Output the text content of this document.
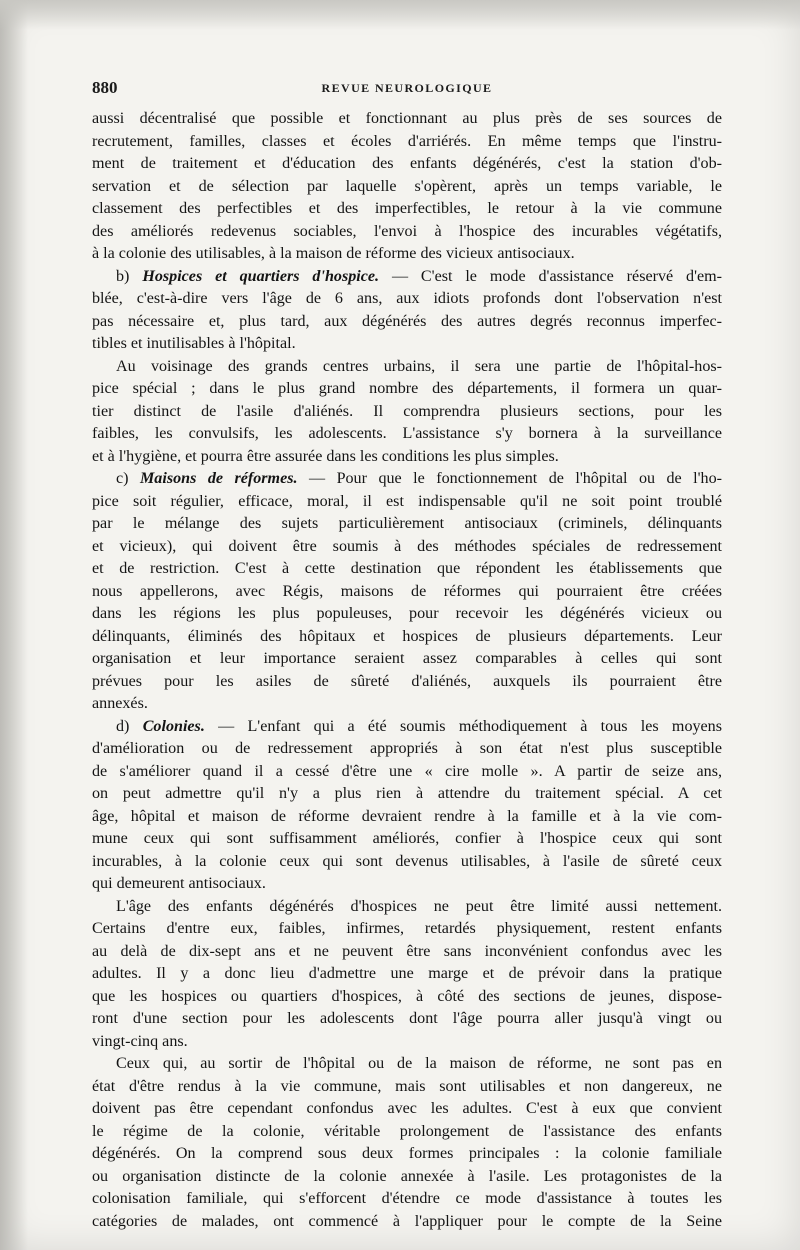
880	REVUE NEUROLOGIQUE
aussi décentralisé que possible et fonctionnant au plus près de ses sources de
recrutement, familles, classes et écoles d'arriérés. En même temps que l'instru-
ment de traitement et d'éducation des enfants dégénérés, c'est la station d'ob-
servation et de sélection par laquelle s'opèrent, après un temps variable, le
classement des perfectibles et des imperfectibles, le retour à la vie commune
des améliorés redevenus sociables, l'envoi à l'hospice des incurables végétatifs,
à la colonie des utilisables, à la maison de réforme des vicieux antisociaux.
b) Hospices et quartiers d'hospice. — C'est le mode d'assistance réservé d'em-
blée, c'est-à-dire vers l'âge de 6 ans, aux idiots profonds dont l'observation n'est
pas nécessaire et, plus tard, aux dégénérés des autres degrés reconnus imperfec-
tibles et inutilisables à l'hôpital.
Au voisinage des grands centres urbains, il sera une partie de l'hôpital-hos-
pice spécial ; dans le plus grand nombre des départements, il formera un quar-
tier distinct de l'asile d'aliénés. Il comprendra plusieurs sections, pour les
faibles, les convulsifs, les adolescents. L'assistance s'y bornera à la surveillance
et à l'hygiène, et pourra être assurée dans les conditions les plus simples.
c) Maisons de réformes. — Pour que le fonctionnement de l'hôpital ou de l'ho-
pice soit régulier, efficace, moral, il est indispensable qu'il ne soit point troublé
par le mélange des sujets particulièrement antisociaux (criminels, délinquants
et vicieux), qui doivent être soumis à des méthodes spéciales de redressement
et de restriction. C'est à cette destination que répondent les établissements que
nous appellerons, avec Régis, maisons de réformes qui pourraient être créées
dans les régions les plus populeuses, pour recevoir les dégénérés vicieux ou
délinquants, éliminés des hôpitaux et hospices de plusieurs départements. Leur
organisation et leur importance seraient assez comparables à celles qui sont
prévues pour les asiles de sûreté d'aliénés, auxquels ils pourraient être
annexés.
d) Colonies. — L'enfant qui a été soumis méthodiquement à tous les moyens
d'amélioration ou de redressement appropriés à son état n'est plus susceptible
de s'améliorer quand il a cessé d'être une « cire molle ». A partir de seize ans,
on peut admettre qu'il n'y a plus rien à attendre du traitement spécial. A cet
âge, hôpital et maison de réforme devraient rendre à la famille et à la vie com-
mune ceux qui sont suffisamment améliorés, confier à l'hospice ceux qui sont
incurables, à la colonie ceux qui sont devenus utilisables, à l'asile de sûreté ceux
qui demeurent antisociaux.
L'âge des enfants dégénérés d'hospices ne peut être limité aussi nettement.
Certains d'entre eux, faibles, infirmes, retardés physiquement, restent enfants
au delà de dix-sept ans et ne peuvent être sans inconvénient confondus avec les
adultes. Il y a donc lieu d'admettre une marge et de prévoir dans la pratique
que les hospices ou quartiers d'hospices, à côté des sections de jeunes, dispose-
ront d'une section pour les adolescents dont l'âge pourra aller jusqu'à vingt ou
vingt-cinq ans.
Ceux qui, au sortir de l'hôpital ou de la maison de réforme, ne sont pas en
état d'être rendus à la vie commune, mais sont utilisables et non dangereux, ne
doivent pas être cependant confondus avec les adultes. C'est à eux que convient
le régime de la colonie, véritable prolongement de l'assistance des enfants
dégénérés. On la comprend sous deux formes principales : la colonie familiale
ou organisation distincte de la colonie annexée à l'asile. Les protagonistes de la
colonisation familiale, qui s'efforcent d'étendre ce mode d'assistance à toutes les
catégories de malades, ont commencé à l'appliquer pour le compte de la Seine
